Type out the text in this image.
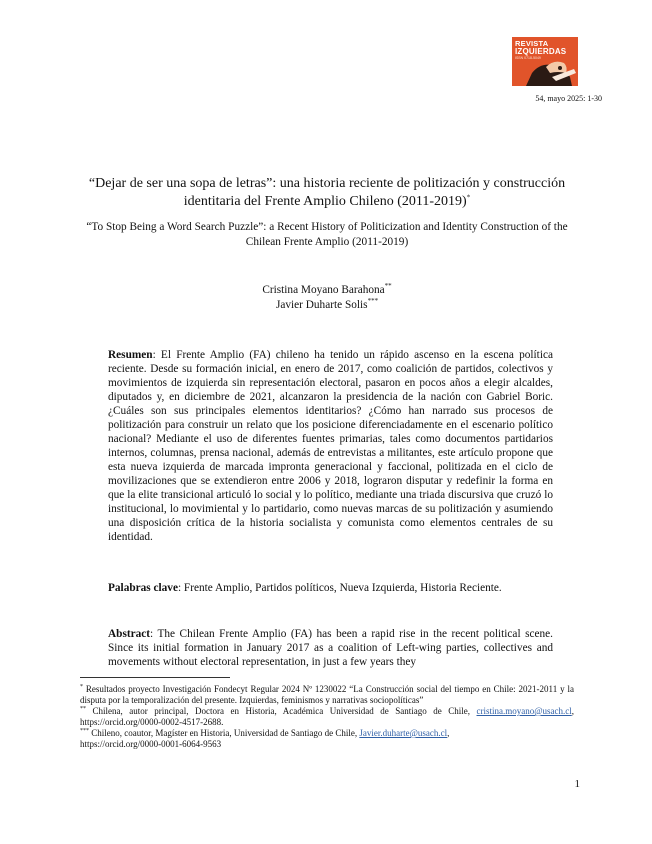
REVISTA
IZQUIERDAS
ISSN 0718-5049
54, mayo 2025: 1-30
“Dejar de ser una sopa de letras”: una historia reciente de politización y construcción identitaria del Frente Amplio Chileno (2011-2019)*
“To Stop Being a Word Search Puzzle”: a Recent History of Politicization and Identity Construction of the Chilean Frente Amplio (2011-2019)
Cristina Moyano Barahona**
Javier Duharte Solis***
Resumen: El Frente Amplio (FA) chileno ha tenido un rápido ascenso en la escena política reciente. Desde su formación inicial, en enero de 2017, como coalición de partidos, colectivos y movimientos de izquierda sin representación electoral, pasaron en pocos años a elegir alcaldes, diputados y, en diciembre de 2021, alcanzaron la presidencia de la nación con Gabriel Boric. ¿Cuáles son sus principales elementos identitarios? ¿Cómo han narrado sus procesos de politización para construir un relato que los posicione diferenciadamente en el escenario político nacional? Mediante el uso de diferentes fuentes primarias, tales como documentos partidarios internos, columnas, prensa nacional, además de entrevistas a militantes, este artículo propone que esta nueva izquierda de marcada impronta generacional y faccional, politizada en el ciclo de movilizaciones que se extendieron entre 2006 y 2018, lograron disputar y redefinir la forma en que la elite transicional articuló lo social y lo político, mediante una triada discursiva que cruzó lo institucional, lo movimiental y lo partidario, como nuevas marcas de su politización y asumiendo una disposición crítica de la historia socialista y comunista como elementos centrales de su identidad.
Palabras clave: Frente Amplio, Partidos políticos, Nueva Izquierda, Historia Reciente.
Abstract: The Chilean Frente Amplio (FA) has been a rapid rise in the recent political scene. Since its initial formation in January 2017 as a coalition of Left-wing parties, collectives and movements without electoral representation, in just a few years they

* Resultados proyecto Investigación Fondecyt Regular 2024 Nº 1230022 “La Construcción social del tiempo en Chile: 2021-2011 y la disputa por la temporalización del presente. Izquierdas, feminismos y narrativas sociopolíticas”

** Chilena, autor principal, Doctora en Historia, Académica Universidad de Santiago de Chile, cristina.moyano@usach.cl, https://orcid.org/0000-0002-4517-2688.

*** Chileno, coautor, Magíster en Historia, Universidad de Santiago de Chile, Javier.duharte@usach.cl,
https://orcid.org/0000-0001-6064-9563

1
